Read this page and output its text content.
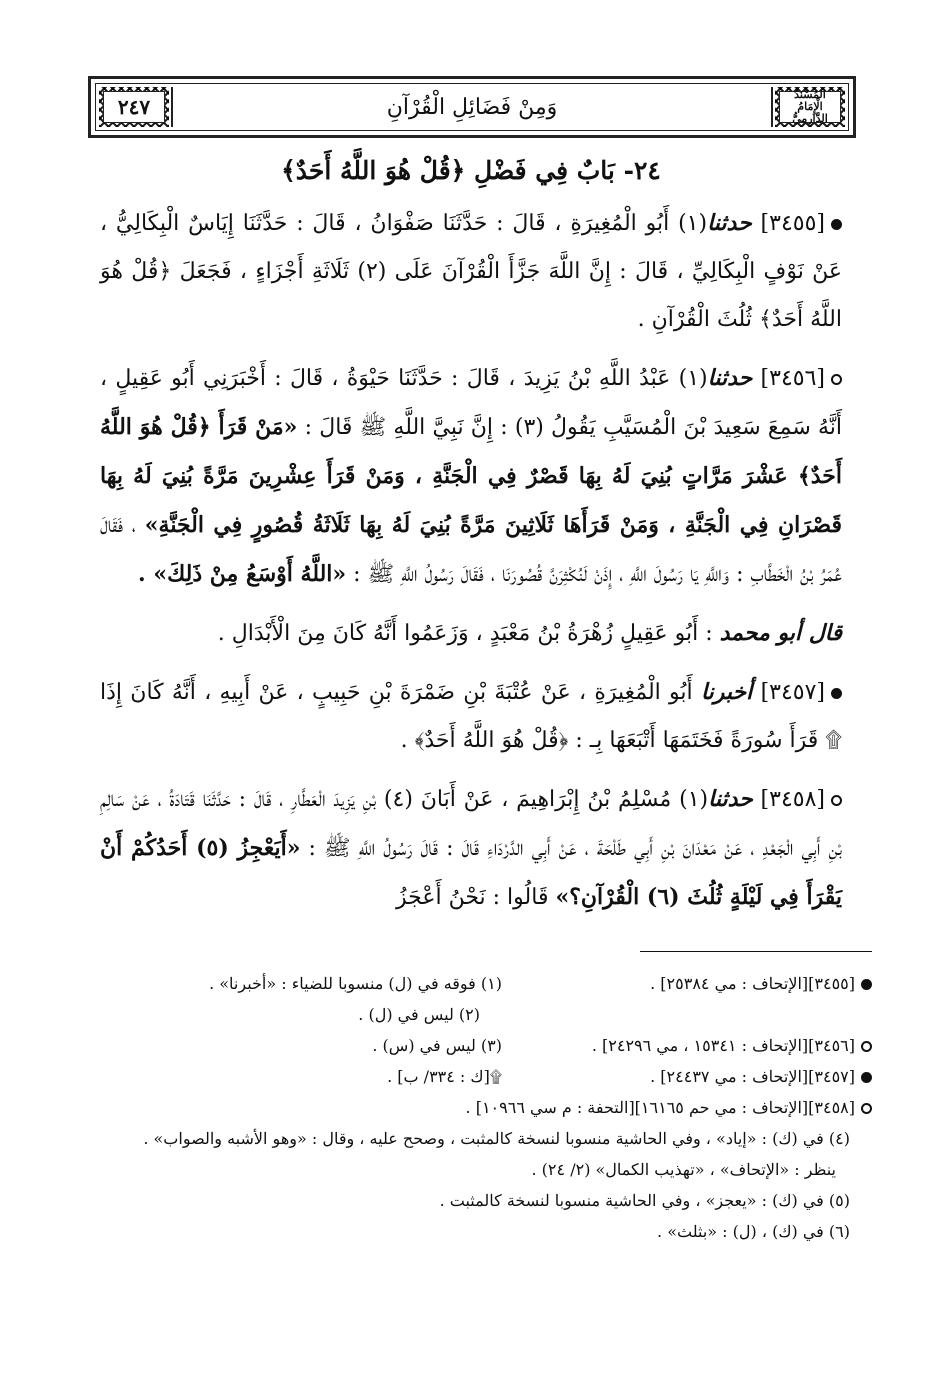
٢٤٧	وَمِنْ فَضَائِلِ الْقُرْآنِ
المُسْنَدُ الْإِمَامُ الدَّارِمِيُّ
٢٤- بَابٌ فِي فَضْلِ ﴿قُلْ هُوَ اللَّهُ أَحَدٌ﴾

[٣٤٥٥] حدثنا(١) أَبُو الْمُغِيرَةِ ، قَالَ : حَدَّثَنَا صَفْوَانُ ، قَالَ : حَدَّثَنَا إِيَاسٌ الْبِكَالِيُّ ، عَنْ نَوْفٍ الْبِكَالِيِّ ، قَالَ : إِنَّ اللَّهَ جَزَّأَ الْقُرْآنَ عَلَى (٢) ثَلَاثَةِ أَجْزَاءٍ ، فَجَعَلَ ﴿قُلْ هُوَ اللَّهُ أَحَدٌ﴾ ثُلُثَ الْقُرْآنِ .

[٣٤٥٦] حدثنا(١) عَبْدُ اللَّهِ بْنُ يَزِيدَ ، قَالَ : حَدَّثَنَا حَيْوَةُ ، قَالَ : أَخْبَرَنِي أَبُو عَقِيلٍ ، أَنَّهُ سَمِعَ سَعِيدَ بْنَ الْمُسَيَّبِ يَقُولُ (٣) : إِنَّ نَبِيَّ اللَّهِ ﷺ قَالَ : «مَنْ قَرَأَ ﴿قُلْ هُوَ اللَّهُ أَحَدٌ﴾ عَشْرَ مَرَّاتٍ بُنِيَ لَهُ بِهَا قَصْرٌ فِي الْجَنَّةِ ، وَمَنْ قَرَأَ عِشْرِينَ مَرَّةً بُنِيَ لَهُ بِهَا قَصْرَانِ فِي الْجَنَّةِ ، وَمَنْ قَرَأَهَا ثَلَاثِينَ مَرَّةً بُنِيَ لَهُ بِهَا ثَلَاثَةُ قُصُورٍ فِي الْجَنَّةِ» ، فَقَالَ عُمَرُ بْنُ الْخَطَّابِ : وَاللَّهِ يَا رَسُولَ اللَّهِ ، إِذَنْ لَنُكْثِرَنَّ قُصُورَنَا ، فَقَالَ رَسُولُ اللَّهِ ﷺ : «اللَّهُ أَوْسَعُ مِنْ ذَلِكَ» .

قال أبو محمد : أَبُو عَقِيلٍ زُهْرَةُ بْنُ مَعْبَدٍ ، وَزَعَمُوا أَنَّهُ كَانَ مِنَ الْأَبْدَالِ .

[٣٤٥٧] أخبرنا أَبُو الْمُغِيرَةِ ، عَنْ عُتْبَةَ بْنِ ضَمْرَةَ بْنِ حَبِيبٍ ، عَنْ أَبِيهِ ، أَنَّهُ كَانَ إِذَا ۩ قَرَأَ سُورَةً فَخَتَمَهَا أَتْبَعَهَا بِـ : ﴿قُلْ هُوَ اللَّهُ أَحَدٌ﴾ .

[٣٤٥٨] حدثنا(١) مُسْلِمُ بْنُ إِبْرَاهِيمَ ، عَنْ أَبَانَ (٤) بْنِ يَزِيدَ الْعَطَّارِ ، قَالَ : حَدَّثَنَا قَتَادَةُ ، عَنْ سَالِمِ بْنِ أَبِي الْجَعْدِ ، عَنْ مَعْدَانَ بْنِ أَبِي طَلْحَةَ ، عَنْ أَبِي الدَّرْدَاءِ قَالَ : قَالَ رَسُولُ اللَّهِ ﷺ : «أَيَعْجِزُ (٥) أَحَدُكُمْ أَنْ يَقْرَأَ فِي لَيْلَةٍ ثُلُثَ (٦) الْقُرْآنِ؟» قَالُوا : نَحْنُ أَعْجَزُ

[٣٤٥٥][الإتحاف : مي ٢٥٣٨٤] .
(١) فوقه في (ل) منسوبا للضياء : «أخبرنا» .
(٢) ليس في (ل) .
[٣٤٥٦][الإتحاف : ١٥٣٤١ ، مي ٢٤٢٩٦] .
(٣) ليس في (س) .
[٣٤٥٧][الإتحاف : مي ٢٤٤٣٧] .
۩[ك : ٣٣٤/ ب] .
[٣٤٥٨][الإتحاف : مي حم ١٦١٦٥][التحفة : م سي ١٠٩٦٦] .
(٤) في (ك) : «إياد» ، وفي الحاشية منسوبا لنسخة كالمثبت ، وصحح عليه ، وقال : «وهو الأشبه والصواب» .
ينظر : «الإتحاف» ، «تهذيب الكمال» (٢/ ٢٤) .
(٥) في (ك) : «يعجز» ، وفي الحاشية منسوبا لنسخة كالمثبت .
(٦) في (ك) ، (ل) : «بثلث» .
